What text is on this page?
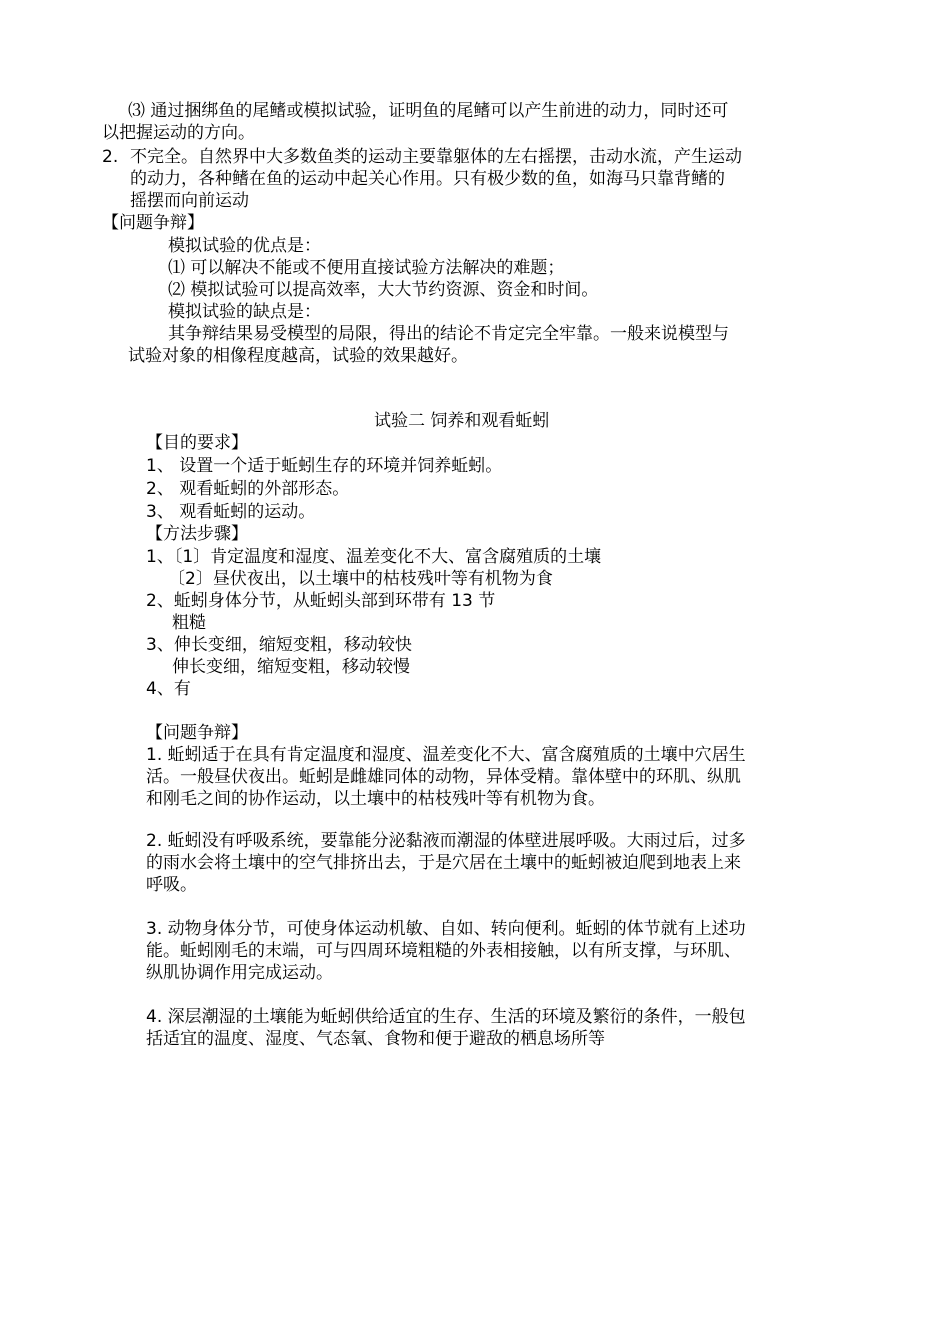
⑶ 通过捆绑鱼的尾鳍或模拟试验，证明鱼的尾鳍可以产生前进的动力，同时还可
以把握运动的方向。
2. 不完全。自然界中大多数鱼类的运动主要靠躯体的左右摇摆，击动水流，产生运动
的动力，各种鳍在鱼的运动中起关心作用。只有极少数的鱼，如海马只靠背鳍的
摇摆而向前运动
【问题争辩】
模拟试验的优点是：
⑴ 可以解决不能或不便用直接试验方法解决的难题；
⑵ 模拟试验可以提高效率，大大节约资源、资金和时间。
模拟试验的缺点是：
其争辩结果易受模型的局限，得出的结论不肯定完全牢靠。一般来说模型与
试验对象的相像程度越高，试验的效果越好。
试验二 饲养和观看蚯蚓
【目的要求】
1、 设置一个适于蚯蚓生存的环境并饲养蚯蚓。
2、 观看蚯蚓的外部形态。
3、 观看蚯蚓的运动。
【方法步骤】
1、〔1〕肯定温度和湿度、温差变化不大、富含腐殖质的土壤
〔2〕昼伏夜出，以土壤中的枯枝残叶等有机物为食
2、蚯蚓身体分节，从蚯蚓头部到环带有 13 节
粗糙
3、伸长变细，缩短变粗，移动较快
伸长变细，缩短变粗，移动较慢
4、有
【问题争辩】
1. 蚯蚓适于在具有肯定温度和湿度、温差变化不大、富含腐殖质的土壤中穴居生
活。一般昼伏夜出。蚯蚓是雌雄同体的动物，异体受精。靠体壁中的环肌、纵肌
和刚毛之间的协作运动，以土壤中的枯枝残叶等有机物为食。
2. 蚯蚓没有呼吸系统，要靠能分泌黏液而潮湿的体壁进展呼吸。大雨过后，过多
的雨水会将土壤中的空气排挤出去，于是穴居在土壤中的蚯蚓被迫爬到地表上来
呼吸。
3. 动物身体分节，可使身体运动机敏、自如、转向便利。蚯蚓的体节就有上述功
能。蚯蚓刚毛的末端，可与四周环境粗糙的外表相接触，以有所支撑，与环肌、
纵肌协调作用完成运动。
4. 深层潮湿的土壤能为蚯蚓供给适宜的生存、生活的环境及繁衍的条件，一般包
括适宜的温度、湿度、气态氧、食物和便于避敌的栖息场所等
